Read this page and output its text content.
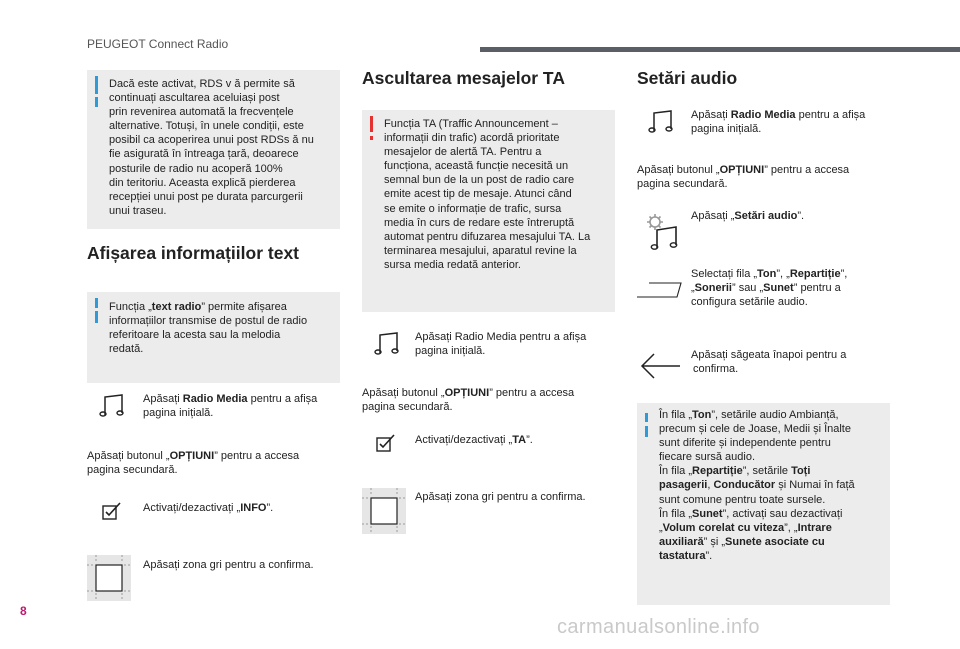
PEUGEOT Connect Radio

Dacă este activat, RDS v ă permite să

continuați ascultarea aceluiași post

prin revenirea automată la frecvențele

alternative. Totuși, în unele condiții, este

posibil ca acoperirea unui post RDSs ă nu

fie asigurată în întreaga țară, deoarece

posturile de radio nu acoperă 100%

din teritoriu. Aceasta explică pierderea

recepției unui post pe durata parcurgerii

unui traseu.

Afișarea informațiilor text

Funcția „text radio” permite afișarea

informațiilor transmise de postul de radio

referitoare la acesta sau la melodia

redată.

Apăsați Radio Media pentru a afișa
pagina inițială.
Apăsați butonul „OPȚIUNI” pentru a accesa
pagina secundară.
Activați/dezactivați „INFO”.
Apăsați zona gri pentru a confirma.
Ascultarea mesajelor TA

Funcția TA (Traffic Announcement –

informații din trafic) acordă prioritate

mesajelor de alertă TA. Pentru a

funcționa, această funcție necesită un

semnal bun de la un post de radio care

emite acest tip de mesaje. Atunci când

se emite o informație de trafic, sursa

media în curs de redare este întreruptă

automat pentru difuzarea mesajului TA. La

terminarea mesajului, aparatul revine la

sursa media redată anterior.

Apăsați Radio Media pentru a afișa
pagina inițială.
Apăsați butonul „OPȚIUNI” pentru a accesa
pagina secundară.
Activați/dezactivați „TA”.
Apăsați zona gri pentru a confirma.
Setări audio
Apăsați Radio Media pentru a afișa
pagina inițială.
Apăsați butonul „OPȚIUNI” pentru a accesa
pagina secundară.
Apăsați „Setări audio”.
Selectați fila „Ton”, „Repartiție”,
„Sonerii” sau „Sunet” pentru a
configura setările audio.
Apăsați săgeata înapoi pentru a
confirma.

În fila „Ton”, setările audio Ambianță,

precum și cele de Joase, Medii și Înalte

sunt diferite și independente pentru

fiecare sursă audio.

În fila „Repartiție”, setările Toți

pasagerii, Conducător și Numai în față

sunt comune pentru toate sursele.

În fila „Sunet”, activați sau dezactivați

„Volum corelat cu viteza”, „Intrare

auxiliară” și „Sunete asociate cu

tastatura”.

8
carmanualsonline.info
